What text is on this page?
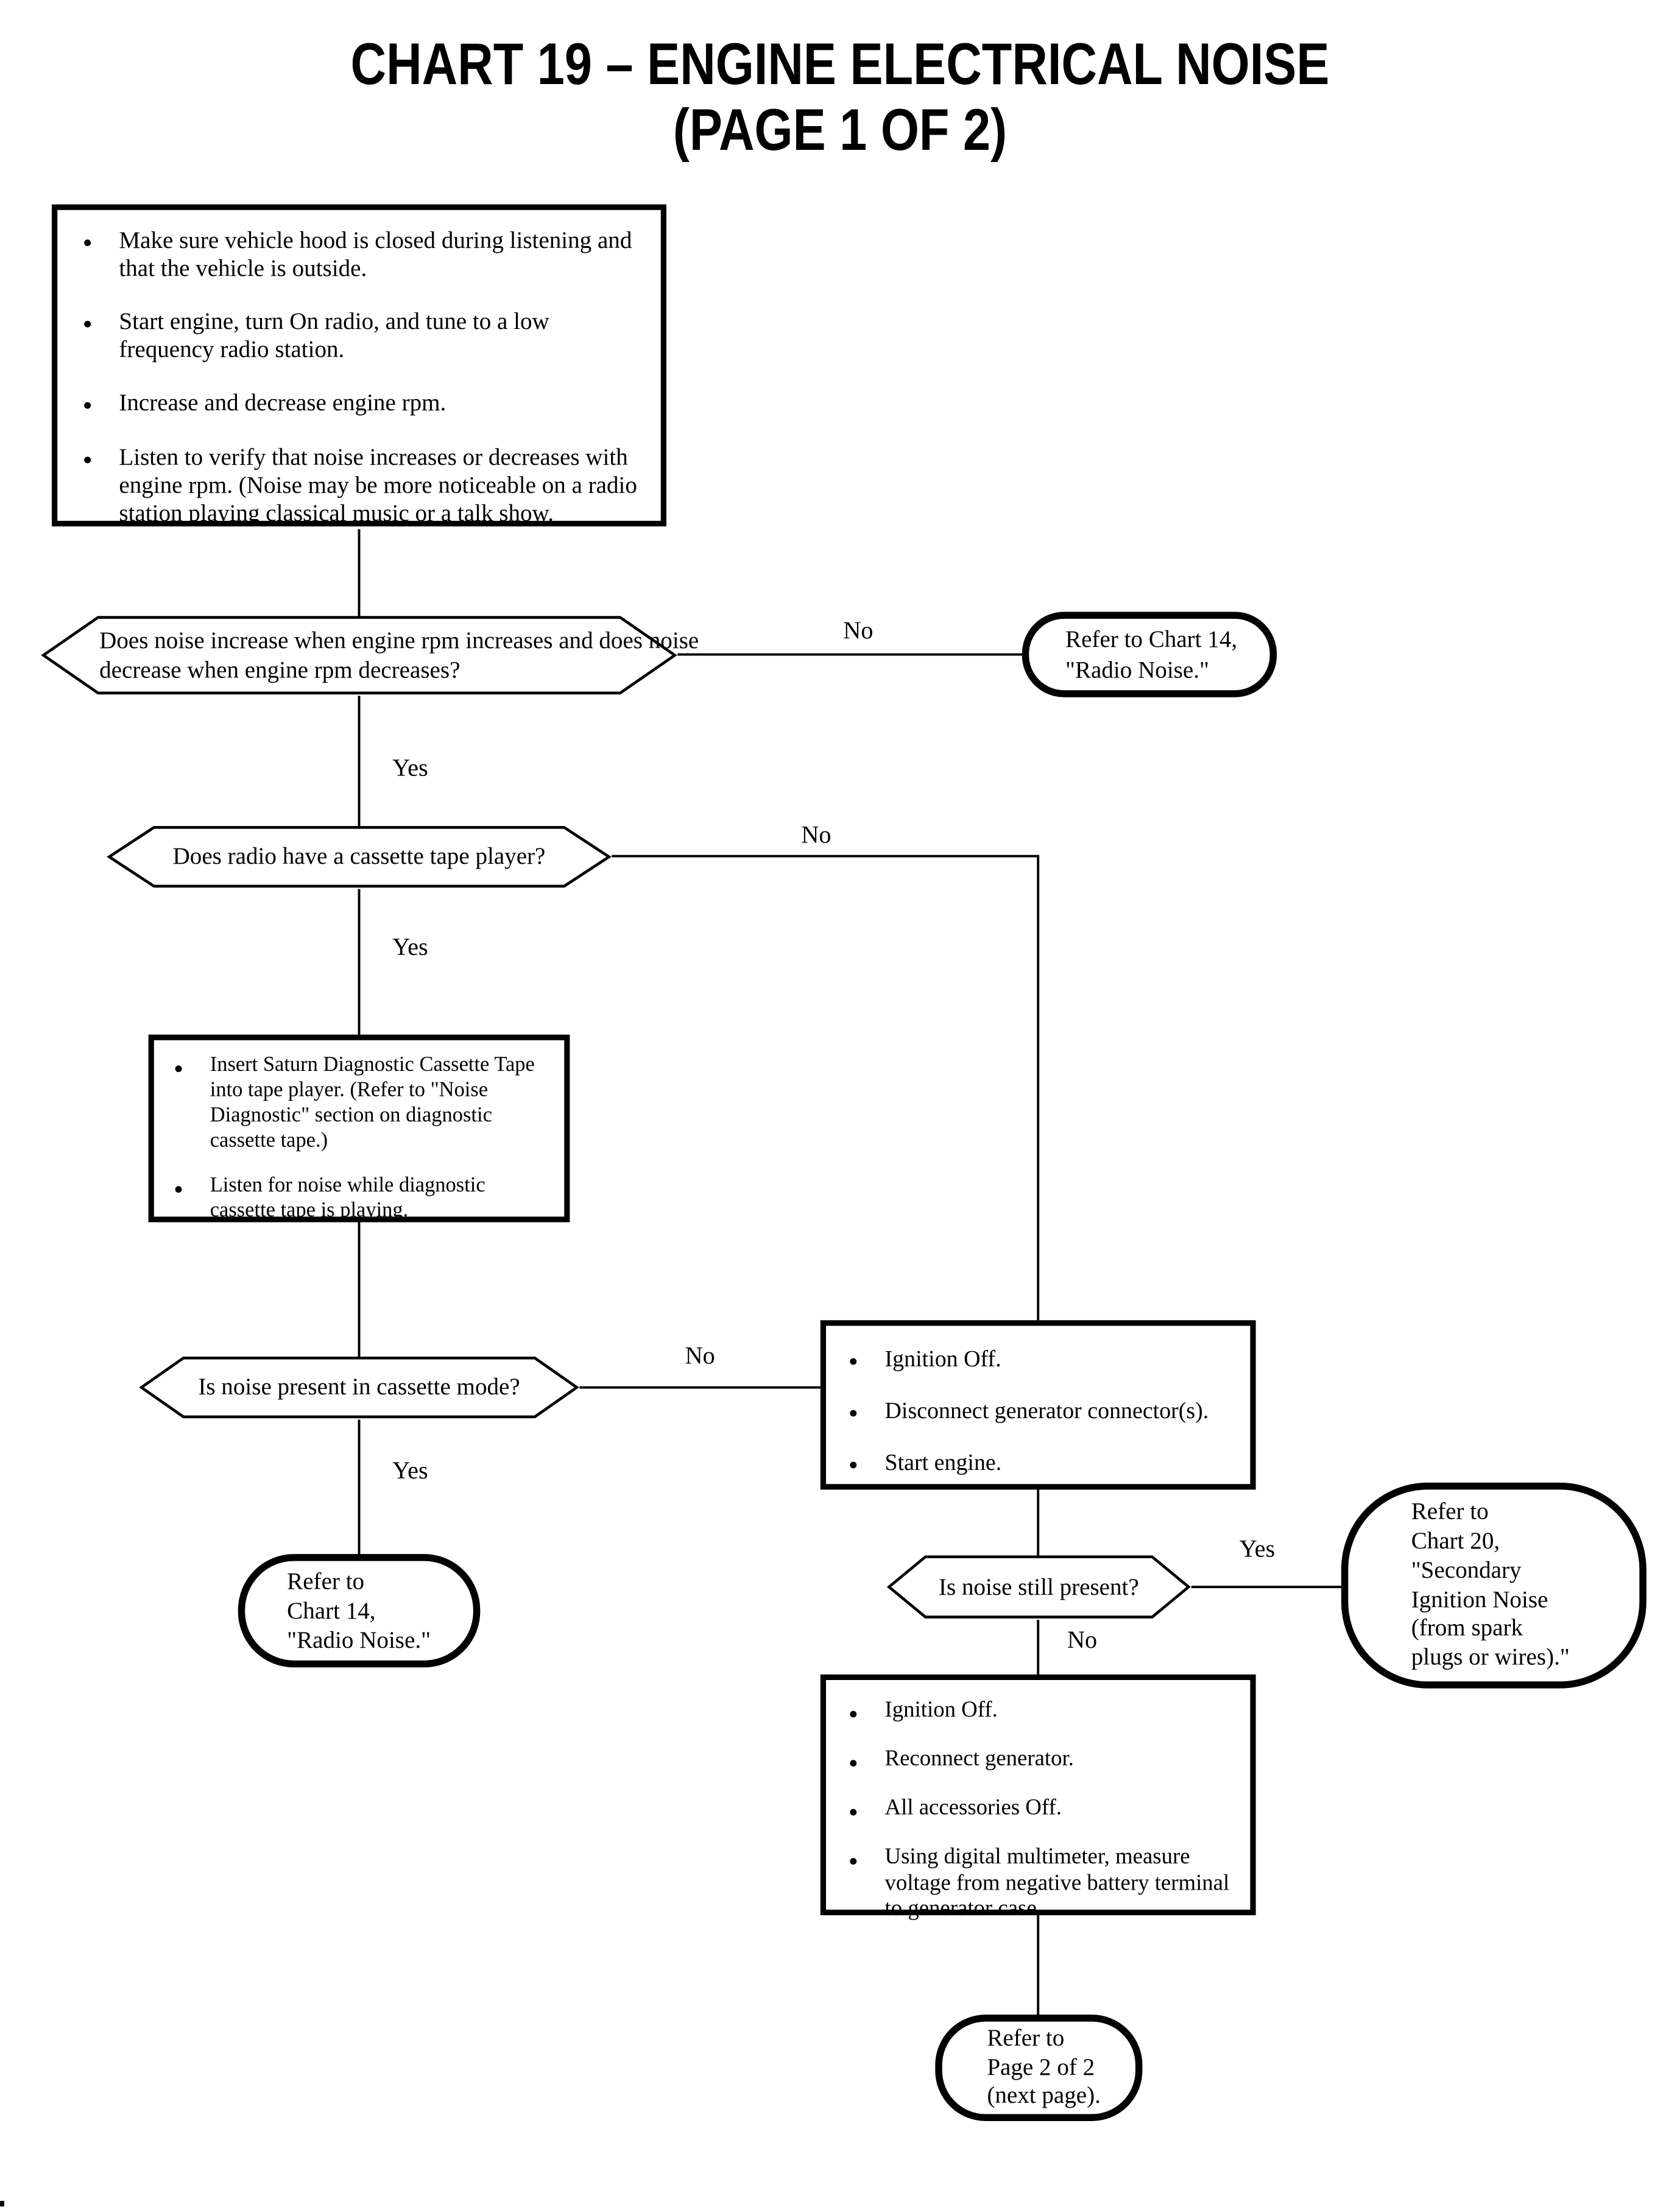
CHART 19 – ENGINE ELECTRICAL NOISE
(PAGE 1 OF 2)
•
Make sure vehicle hood is closed during listening and that the vehicle is outside.
•
Start engine, turn On radio, and tune to a low frequency radio station.
•
Increase and decrease engine rpm.
•
Listen to verify that noise increases or decreases with engine rpm. (Noise may be more noticeable on a radio station playing classical music or a talk show.
Does noise increase when engine rpm increases and does noise decrease when engine rpm decreases?
No	Refer to Chart 14,
"Radio Noise."
Yes
Does radio have a cassette tape player?
No
Yes
•
Insert Saturn Diagnostic Cassette Tape into tape player. (Refer to "Noise Diagnostic" section on diagnostic cassette tape.)
•
Listen for noise while diagnostic cassette tape is playing.
Is noise present in cassette mode?
No
Yes
•
Ignition Off.
•
Disconnect generator connector(s).
•
Start engine.
Refer to
Chart 14,
"Radio Noise."
Is noise still present?
Yes
No
Refer to
Chart 20,
"Secondary
Ignition Noise
(from spark
plugs or wires)."
•
Ignition Off.
•
Reconnect generator.
•
All accessories Off.
•
Using digital multimeter, measure voltage from negative battery terminal to generator case.
Refer to
Page 2 of 2
(next page).
